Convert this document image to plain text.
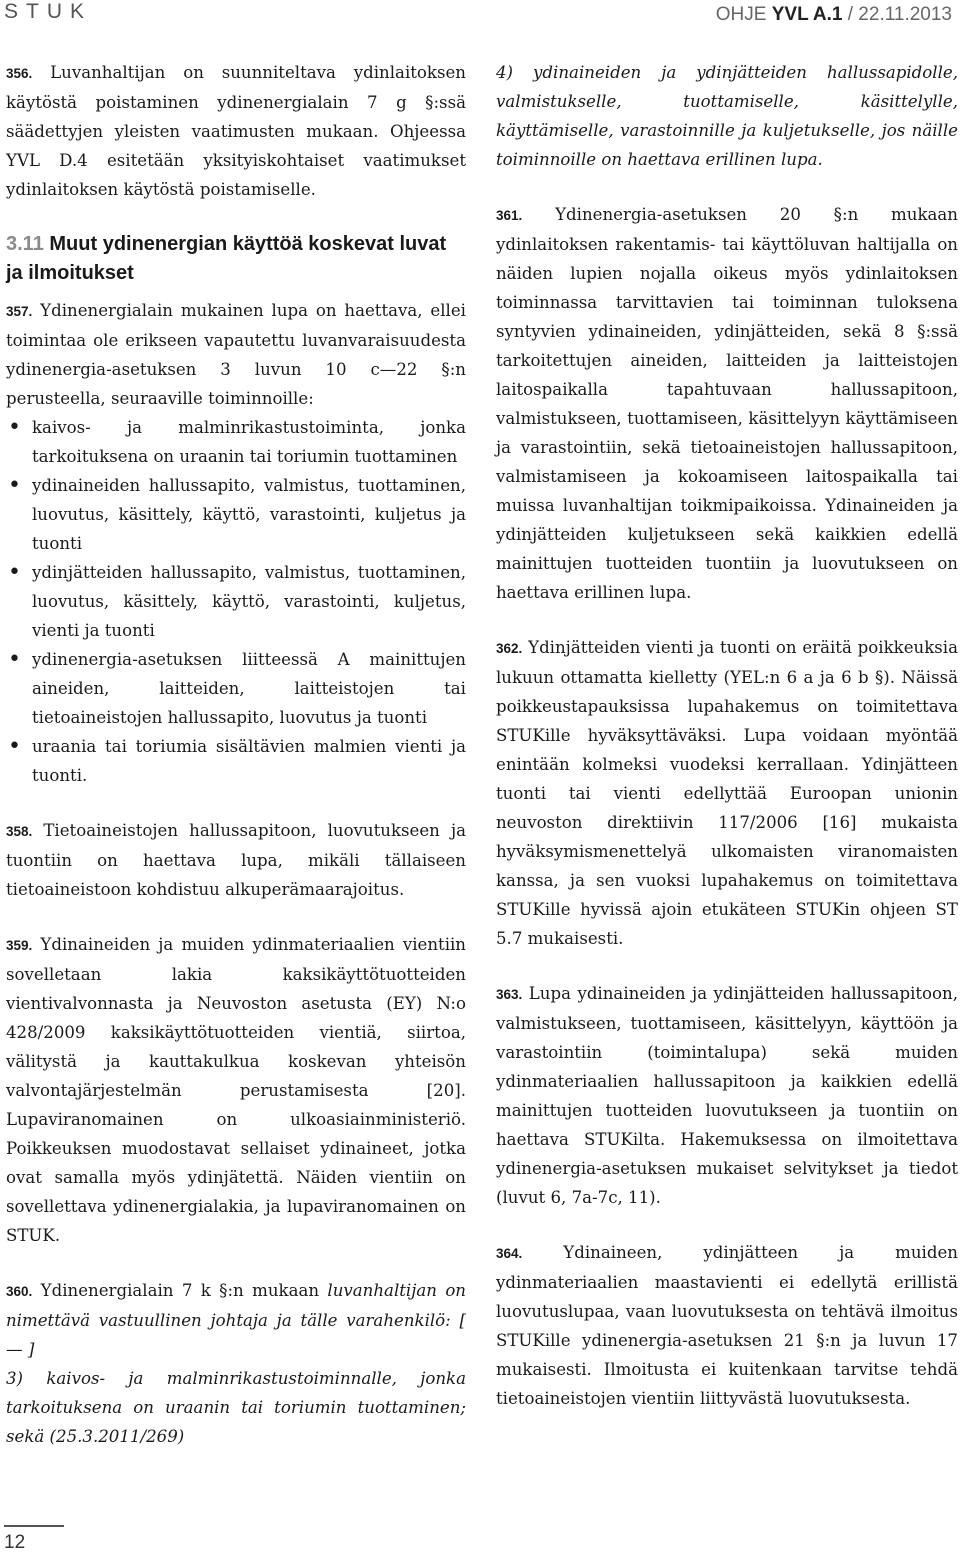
STUK	OHJE YVL A.1 / 22.11.2013

356. Luvanhaltijan on suunniteltava ydinlaitoksen käytöstä poistaminen ydinenergialain 7 g §:ssä säädettyjen yleisten vaatimusten mukaan. Ohjeessa YVL D.4 esitetään yksityiskohtaiset vaatimukset ydinlaitoksen käytöstä poistamiselle.

3.11 Muut ydinenergian käyttöä koskevat luvat ja ilmoitukset

357. Ydinenergialain mukainen lupa on haettava, ellei toimintaa ole erikseen vapautettu luvanvaraisuudesta ydinenergia-asetuksen 3 luvun 10 c—22 §:n perusteella, seuraaville toiminnoille:

• kaivos- ja malminrikastustoiminta, jonka tarkoituksena on uraanin tai toriumin tuottaminen
• ydinaineiden hallussapito, valmistus, tuottaminen, luovutus, käsittely, käyttö, varastointi, kuljetus ja tuonti
• ydinjätteiden hallussapito, valmistus, tuottaminen, luovutus, käsittely, käyttö, varastointi, kuljetus, vienti ja tuonti
• ydinenergia-asetuksen liitteessä A mainittujen aineiden, laitteiden, laitteistojen tai tietoaineistojen hallussapito, luovutus ja tuonti
• uraania tai toriumia sisältävien malmien vienti ja tuonti.

358. Tietoaineistojen hallussapitoon, luovutukseen ja tuontiin on haettava lupa, mikäli tällaiseen tietoaineistoon kohdistuu alkuperämaarajoitus.

359. Ydinaineiden ja muiden ydinmateriaalien vientiin sovelletaan lakia kaksikäyttötuotteiden vientivalvonnasta ja Neuvoston asetusta (EY) N:o 428/2009 kaksikäyttötuotteiden vientiä, siirtoa, välitystä ja kauttakulkua koskevan yhteisön valvontajärjestelmän perustamisesta [20]. Lupaviranomainen on ulkoasiainministeriö. Poikkeuksen muodostavat sellaiset ydinaineet, jotka ovat samalla myös ydinjätettä. Näiden vientiin on sovellettava ydinenergialakia, ja lupaviranomainen on STUK.

360. Ydinenergialain 7 k §:n mukaan luvanhaltijan on nimettävä vastuullinen johtaja ja tälle varahenkilö: [ — ]

3) kaivos- ja malminrikastustoiminnalle, jonka tarkoituksena on uraanin tai toriumin tuottaminen; sekä (25.3.2011/269)

4) ydinaineiden ja ydinjätteiden hallussapidolle, valmistukselle, tuottamiselle, käsittelylle, käyttämiselle, varastoinnille ja kuljetukselle, jos näille toiminnoille on haettava erillinen lupa.

361. Ydinenergia-asetuksen 20 §:n mukaan ydinlaitoksen rakentamis- tai käyttöluvan haltijalla on näiden lupien nojalla oikeus myös ydinlaitoksen toiminnassa tarvittavien tai toiminnan tuloksena syntyvien ydinaineiden, ydinjätteiden, sekä 8 §:ssä tarkoitettujen aineiden, laitteiden ja laitteistojen laitospaikalla tapahtuvaan hallussapitoon, valmistukseen, tuottamiseen, käsittelyyn käyttämiseen ja varastointiin, sekä tietoaineistojen hallussapitoon, valmistamiseen ja kokoamiseen laitospaikalla tai muissa luvanhaltijan toikmipaikoissa. Ydinaineiden ja ydinjätteiden kuljetukseen sekä kaikkien edellä mainittujen tuotteiden tuontiin ja luovutukseen on haettava erillinen lupa.

362. Ydinjätteiden vienti ja tuonti on eräitä poikkeuksia lukuun ottamatta kielletty (YEL:n 6 a ja 6 b §). Näissä poikkeustapauksissa lupahakemus on toimitettava STUKille hyväksyttäväksi. Lupa voidaan myöntää enintään kolmeksi vuodeksi kerrallaan. Ydinjätteen tuonti tai vienti edellyttää Euroopan unionin neuvoston direktiivin 117/2006 [16] mukaista hyväksymismenettelyä ulkomaisten viranomaisten kanssa, ja sen vuoksi lupahakemus on toimitettava STUKille hyvissä ajoin etukäteen STUKin ohjeen ST 5.7 mukaisesti.

363. Lupa ydinaineiden ja ydinjätteiden hallussapitoon, valmistukseen, tuottamiseen, käsittelyyn, käyttöön ja varastointiin (toimintalupa) sekä muiden ydinmateriaalien hallussapitoon ja kaikkien edellä mainittujen tuotteiden luovutukseen ja tuontiin on haettava STUKilta. Hakemuksessa on ilmoitettava ydinenergia-asetuksen mukaiset selvitykset ja tiedot (luvut 6, 7a-7c, 11).

364. Ydinaineen, ydinjätteen ja muiden ydinmateriaalien maastavienti ei edellytä erillistä luovutuslupaa, vaan luovutuksesta on tehtävä ilmoitus STUKille ydinenergia-asetuksen 21 §:n ja luvun 17 mukaisesti. Ilmoitusta ei kuitenkaan tarvitse tehdä tietoaineistojen vientiin liittyvästä luovutuksesta.

12
